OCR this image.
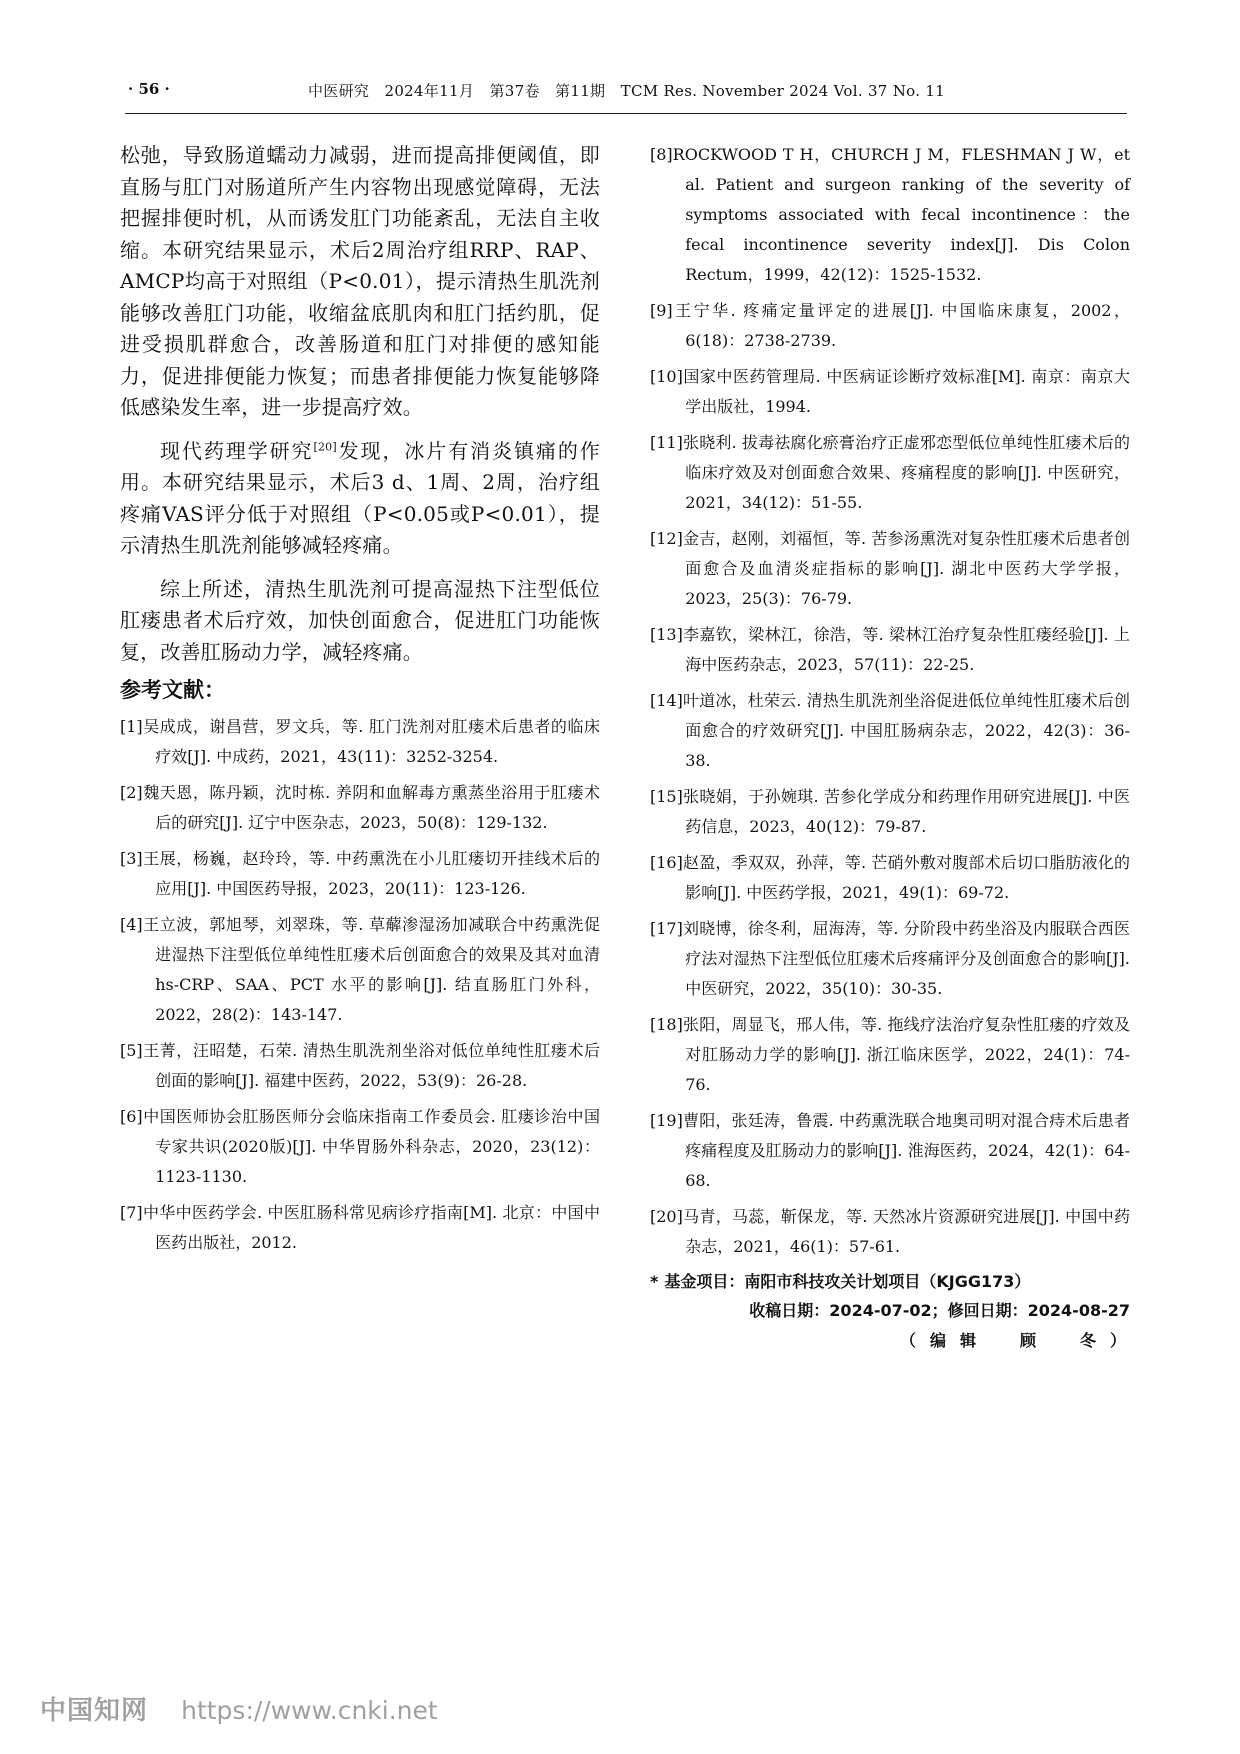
· 56 ·	中医研究　2024年11月　第37卷　第11期　TCM Res. November 2024 Vol. 37 No. 11

松弛，导致肠道蠕动力减弱，进而提高排便阈值，即直肠与肛门对肠道所产生内容物出现感觉障碍，无法把握排便时机，从而诱发肛门功能紊乱，无法自主收缩。本研究结果显示，术后2周治疗组RRP、RAP、AMCP均高于对照组（P<0.01），提示清热生肌洗剂能够改善肛门功能，收缩盆底肌肉和肛门括约肌，促进受损肌群愈合，改善肠道和肛门对排便的感知能力，促进排便能力恢复；而患者排便能力恢复能够降低感染发生率，进一步提高疗效。

现代药理学研究[20]发现，冰片有消炎镇痛的作用。本研究结果显示，术后3 d、1周、2周，治疗组疼痛VAS评分低于对照组（P<0.05或P<0.01），提示清热生肌洗剂能够减轻疼痛。

综上所述，清热生肌洗剂可提高湿热下注型低位肛瘘患者术后疗效，加快创面愈合，促进肛门功能恢复，改善肛肠动力学，减轻疼痛。

参考文献：
[1]吴成成，谢昌营，罗文兵，等. 肛门洗剂对肛瘘术后患者的临床疗效[J]. 中成药，2021，43(11)：3252-3254.
[2]魏天恩，陈丹颖，沈时栋. 养阴和血解毒方熏蒸坐浴用于肛瘘术后的研究[J]. 辽宁中医杂志，2023，50(8)：129-132.
[3]王展，杨巍，赵玲玲，等. 中药熏洗在小儿肛瘘切开挂线术后的应用[J]. 中国医药导报，2023，20(11)：123-126.
[4]王立波，郭旭琴，刘翠珠，等. 草薢渗湿汤加减联合中药熏洗促进湿热下注型低位单纯性肛瘘术后创面愈合的效果及其对血清 hs-CRP、SAA、PCT 水平的影响[J]. 结直肠肛门外科，2022，28(2)：143-147.
[5]王菁，汪昭楚，石荣. 清热生肌洗剂坐浴对低位单纯性肛瘘术后创面的影响[J]. 福建中医药，2022，53(9)：26-28.
[6]中国医师协会肛肠医师分会临床指南工作委员会. 肛瘘诊治中国专家共识(2020版)[J]. 中华胃肠外科杂志，2020，23(12)：1123-1130.
[7]中华中医药学会. 中医肛肠科常见病诊疗指南[M]. 北京：中国中医药出版社，2012.
[8]ROCKWOOD T H，CHURCH J M，FLESHMAN J W，et al. Patient and surgeon ranking of the severity of symptoms associated with fecal incontinence：the fecal incontinence severity index[J]. Dis Colon Rectum，1999，42(12)：1525-1532.
[9]王宁华. 疼痛定量评定的进展[J]. 中国临床康复，2002，6(18)：2738-2739.
[10]国家中医药管理局. 中医病证诊断疗效标准[M]. 南京：南京大学出版社，1994.
[11]张晓利. 拔毒祛腐化瘀膏治疗正虚邪恋型低位单纯性肛瘘术后的临床疗效及对创面愈合效果、疼痛程度的影响[J]. 中医研究，2021，34(12)：51-55.
[12]金吉，赵刚，刘福恒，等. 苦参汤熏洗对复杂性肛瘘术后患者创面愈合及血清炎症指标的影响[J]. 湖北中医药大学学报，2023，25(3)：76-79.
[13]李嘉钦，梁林江，徐浩，等. 梁林江治疗复杂性肛瘘经验[J]. 上海中医药杂志，2023，57(11)：22-25.
[14]叶道冰，杜荣云. 清热生肌洗剂坐浴促进低位单纯性肛瘘术后创面愈合的疗效研究[J]. 中国肛肠病杂志，2022，42(3)：36-38.
[15]张晓娟，于孙婉琪. 苦参化学成分和药理作用研究进展[J]. 中医药信息，2023，40(12)：79-87.
[16]赵盈，季双双，孙萍，等. 芒硝外敷对腹部术后切口脂肪液化的影响[J]. 中医药学报，2021，49(1)：69-72.
[17]刘晓博，徐冬利，屈海涛，等. 分阶段中药坐浴及内服联合西医疗法对湿热下注型低位肛瘘术后疼痛评分及创面愈合的影响[J]. 中医研究，2022，35(10)：30-35.
[18]张阳，周显飞，邢人伟，等. 拖线疗法治疗复杂性肛瘘的疗效及对肛肠动力学的影响[J]. 浙江临床医学，2022，24(1)：74-76.
[19]曹阳，张廷涛，鲁震. 中药熏洗联合地奥司明对混合痔术后患者疼痛程度及肛肠动力的影响[J]. 淮海医药，2024，42(1)：64-68.
[20]马青，马蕊，靳保龙，等. 天然冰片资源研究进展[J]. 中国中药杂志，2021，46(1)：57-61.
* 基金项目：南阳市科技攻关计划项目（KJGG173）
收稿日期：2024-07-02；修回日期：2024-08-27
（编辑　顾　冬）
中国知网 https://www.cnki.net
